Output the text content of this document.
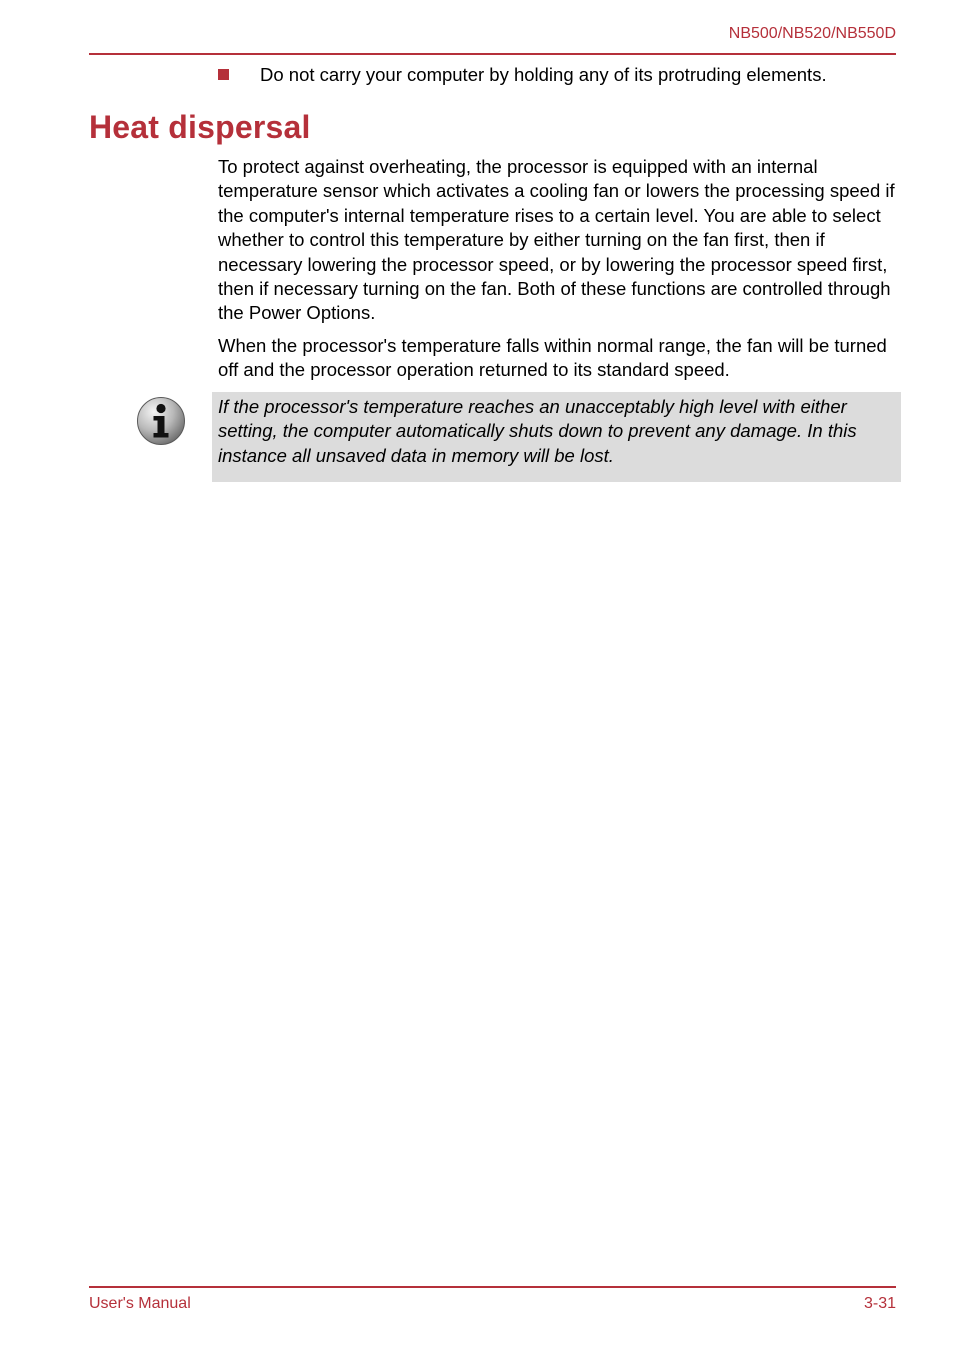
NB500/NB520/NB550D
Do not carry your computer by holding any of its protruding elements.
Heat dispersal

To protect against overheating, the processor is equipped with an internal temperature sensor which activates a cooling fan or lowers the processing speed if the computer's internal temperature rises to a certain level. You are able to select whether to control this temperature by either turning on the fan first, then if necessary lowering the processor speed, or by lowering the processor speed first, then if necessary turning on the fan. Both of these functions are controlled through the Power Options.

When the processor's temperature falls within normal range, the fan will be turned off and the processor operation returned to its standard speed.

If the processor's temperature reaches an unacceptably high level with either setting, the computer automatically shuts down to prevent any damage. In this instance all unsaved data in memory will be lost.

User's Manual	3-31
